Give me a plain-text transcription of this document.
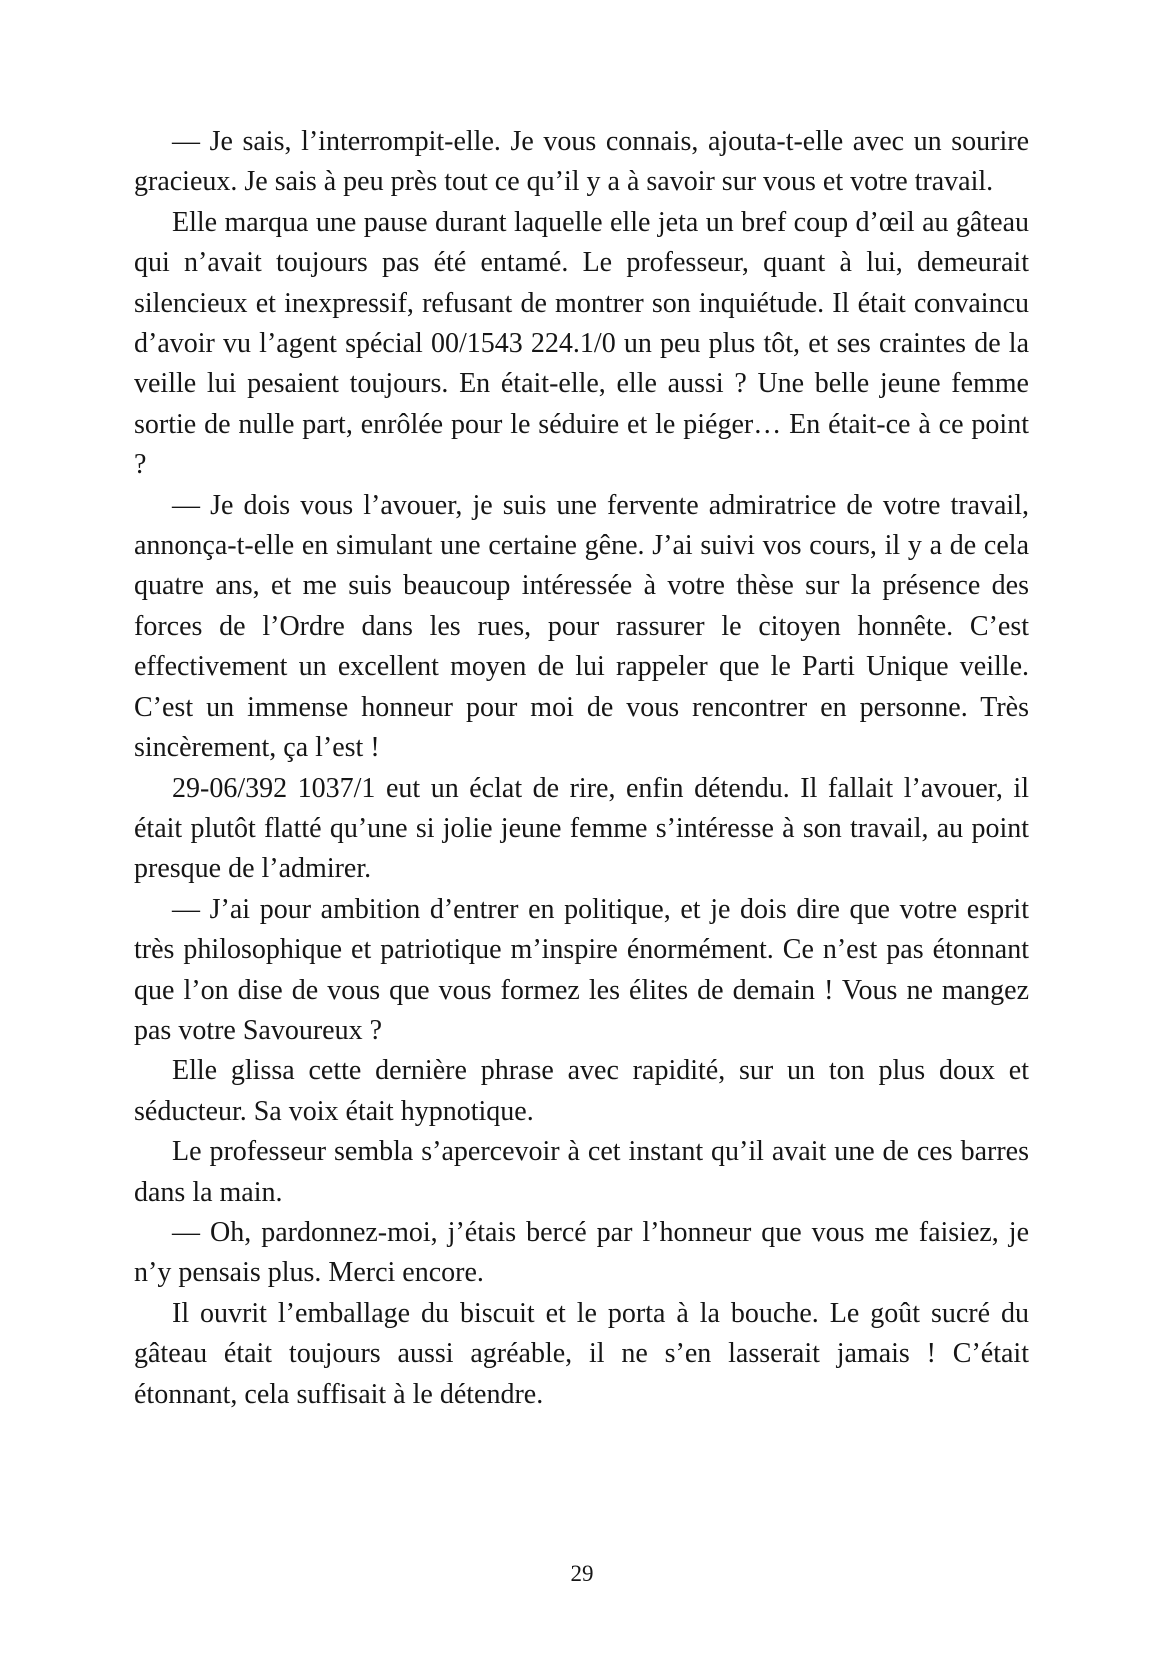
— Je sais, l’interrompit-elle. Je vous connais, ajouta-t-elle avec un sourire gracieux. Je sais à peu près tout ce qu’il y a à savoir sur vous et votre travail.

Elle marqua une pause durant laquelle elle jeta un bref coup d’œil au gâteau qui n’avait toujours pas été entamé. Le professeur, quant à lui, demeurait silencieux et inexpressif, refusant de montrer son inquiétude. Il était convaincu d’avoir vu l’agent spécial 00/1543 224.1/0 un peu plus tôt, et ses craintes de la veille lui pesaient toujours. En était-elle, elle aussi ? Une belle jeune femme sortie de nulle part, enrôlée pour le séduire et le piéger… En était-ce à ce point ?

— Je dois vous l’avouer, je suis une fervente admiratrice de votre travail, annonça-t-elle en simulant une certaine gêne. J’ai suivi vos cours, il y a de cela quatre ans, et me suis beaucoup intéressée à votre thèse sur la présence des forces de l’Ordre dans les rues, pour rassurer le citoyen honnête. C’est effectivement un excellent moyen de lui rappeler que le Parti Unique veille. C’est un immense honneur pour moi de vous rencontrer en personne. Très sincèrement, ça l’est !

29-06/392 1037/1 eut un éclat de rire, enfin détendu. Il fallait l’avouer, il était plutôt flatté qu’une si jolie jeune femme s’intéresse à son travail, au point presque de l’admirer.

— J’ai pour ambition d’entrer en politique, et je dois dire que votre esprit très philosophique et patriotique m’inspire énormément. Ce n’est pas étonnant que l’on dise de vous que vous formez les élites de demain ! Vous ne mangez pas votre Savoureux ?

Elle glissa cette dernière phrase avec rapidité, sur un ton plus doux et séducteur. Sa voix était hypnotique.

Le professeur sembla s’apercevoir à cet instant qu’il avait une de ces barres dans la main.

— Oh, pardonnez-moi, j’étais bercé par l’honneur que vous me faisiez, je n’y pensais plus. Merci encore.

Il ouvrit l’emballage du biscuit et le porta à la bouche. Le goût sucré du gâteau était toujours aussi agréable, il ne s’en lasserait jamais ! C’était étonnant, cela suffisait à le détendre.

29
